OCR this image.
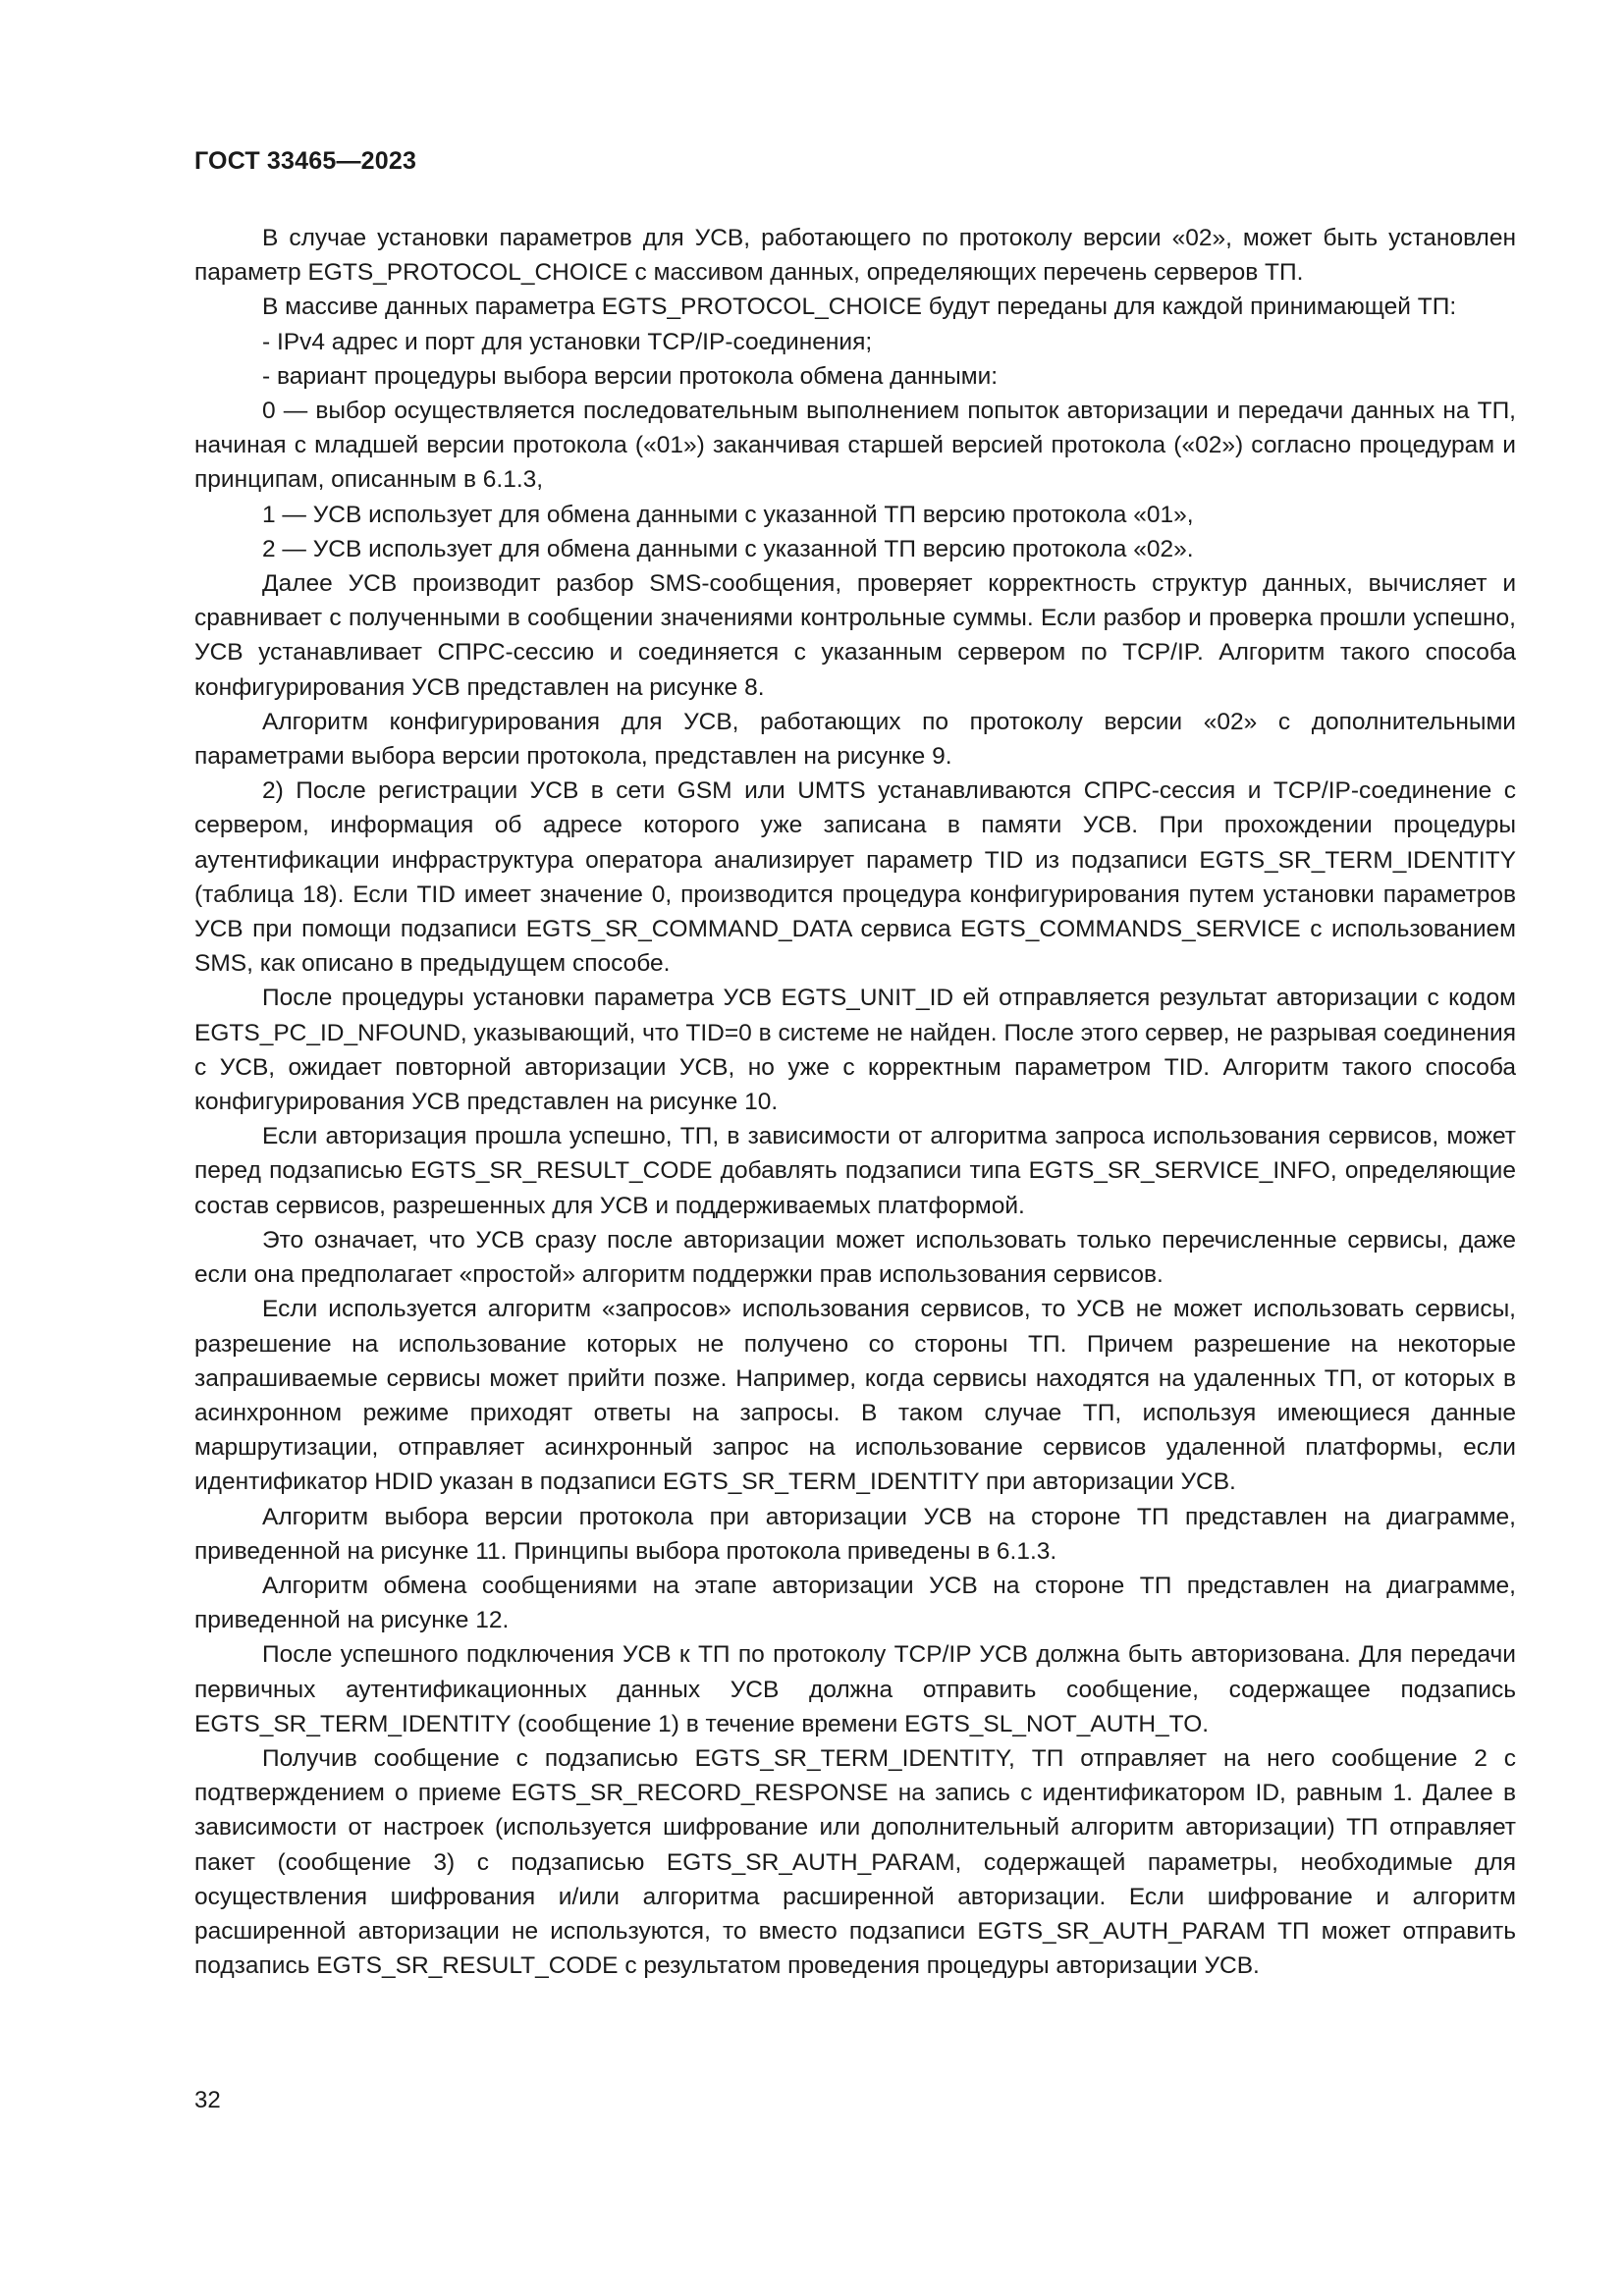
ГОСТ 33465—2023

В случае установки параметров для УСВ, работающего по протоколу версии «02», может быть установлен параметр EGTS_PROTOCOL_CHOICE с массивом данных, определяющих перечень серверов ТП.

В массиве данных параметра EGTS_PROTOCOL_CHOICE будут переданы для каждой принимающей ТП:

- IPv4 адрес и порт для установки TCP/IP-соединения;

- вариант процедуры выбора версии протокола обмена данными:

0 — выбор осуществляется последовательным выполнением попыток авторизации и передачи данных на ТП, начиная с младшей версии протокола («01») заканчивая старшей версией протокола («02») согласно процедурам и принципам, описанным в 6.1.3,

1 — УСВ использует для обмена данными с указанной ТП версию протокола «01»,

2 — УСВ использует для обмена данными с указанной ТП версию протокола «02».

Далее УСВ производит разбор SMS-сообщения, проверяет корректность структур данных, вычисляет и сравнивает с полученными в сообщении значениями контрольные суммы. Если разбор и проверка прошли успешно, УСВ устанавливает СПРС-сессию и соединяется с указанным сервером по TCP/IP. Алгоритм такого способа конфигурирования УСВ представлен на рисунке 8.

Алгоритм конфигурирования для УСВ, работающих по протоколу версии «02» с дополнительными параметрами выбора версии протокола, представлен на рисунке 9.

2) После регистрации УСВ в сети GSM или UMTS устанавливаются СПРС-сессия и TCP/IP-соединение с сервером, информация об адресе которого уже записана в памяти УСВ. При прохождении процедуры аутентификации инфраструктура оператора анализирует параметр TID из подзаписи EGTS_SR_TERM_IDENTITY (таблица 18). Если TID имеет значение 0, производится процедура конфигурирования путем установки параметров УСВ при помощи подзаписи EGTS_SR_COMMAND_DATA сервиса EGTS_COMMANDS_SERVICE с использованием SMS, как описано в предыдущем способе.

После процедуры установки параметра УСВ EGTS_UNIT_ID ей отправляется результат авторизации с кодом EGTS_PC_ID_NFOUND, указывающий, что TID=0 в системе не найден. После этого сервер, не разрывая соединения с УСВ, ожидает повторной авторизации УСВ, но уже с корректным параметром TID. Алгоритм такого способа конфигурирования УСВ представлен на рисунке 10.

Если авторизация прошла успешно, ТП, в зависимости от алгоритма запроса использования сервисов, может перед подзаписью EGTS_SR_RESULT_CODE добавлять подзаписи типа EGTS_SR_SERVICE_INFO, определяющие состав сервисов, разрешенных для УСВ и поддерживаемых платформой.

Это означает, что УСВ сразу после авторизации может использовать только перечисленные сервисы, даже если она предполагает «простой» алгоритм поддержки прав использования сервисов.

Если используется алгоритм «запросов» использования сервисов, то УСВ не может использовать сервисы, разрешение на использование которых не получено со стороны ТП. Причем разрешение на некоторые запрашиваемые сервисы может прийти позже. Например, когда сервисы находятся на удаленных ТП, от которых в асинхронном режиме приходят ответы на запросы. В таком случае ТП, используя имеющиеся данные маршрутизации, отправляет асинхронный запрос на использование сервисов удаленной платформы, если идентификатор HDID указан в подзаписи EGTS_SR_TERM_IDENTITY при авторизации УСВ.

Алгоритм выбора версии протокола при авторизации УСВ на стороне ТП представлен на диаграмме, приведенной на рисунке 11. Принципы выбора протокола приведены в 6.1.3.

Алгоритм обмена сообщениями на этапе авторизации УСВ на стороне ТП представлен на диаграмме, приведенной на рисунке 12.

После успешного подключения УСВ к ТП по протоколу TCP/IP УСВ должна быть авторизована. Для передачи первичных аутентификационных данных УСВ должна отправить сообщение, содержащее подзапись EGTS_SR_TERM_IDENTITY (сообщение 1) в течение времени EGTS_SL_NOT_AUTH_TO.

Получив сообщение с подзаписью EGTS_SR_TERM_IDENTITY, ТП отправляет на него сообщение 2 с подтверждением о приеме EGTS_SR_RECORD_RESPONSE на запись с идентификатором ID, равным 1. Далее в зависимости от настроек (используется шифрование или дополнительный алгоритм авторизации) ТП отправляет пакет (сообщение 3) с подзаписью EGTS_SR_AUTH_PARAM, содержащей параметры, необходимые для осуществления шифрования и/или алгоритма расширенной авторизации. Если шифрование и алгоритм расширенной авторизации не используются, то вместо подзаписи EGTS_SR_AUTH_PARAM ТП может отправить подзапись EGTS_SR_RESULT_CODE с результатом проведения процедуры авторизации УСВ.

32
